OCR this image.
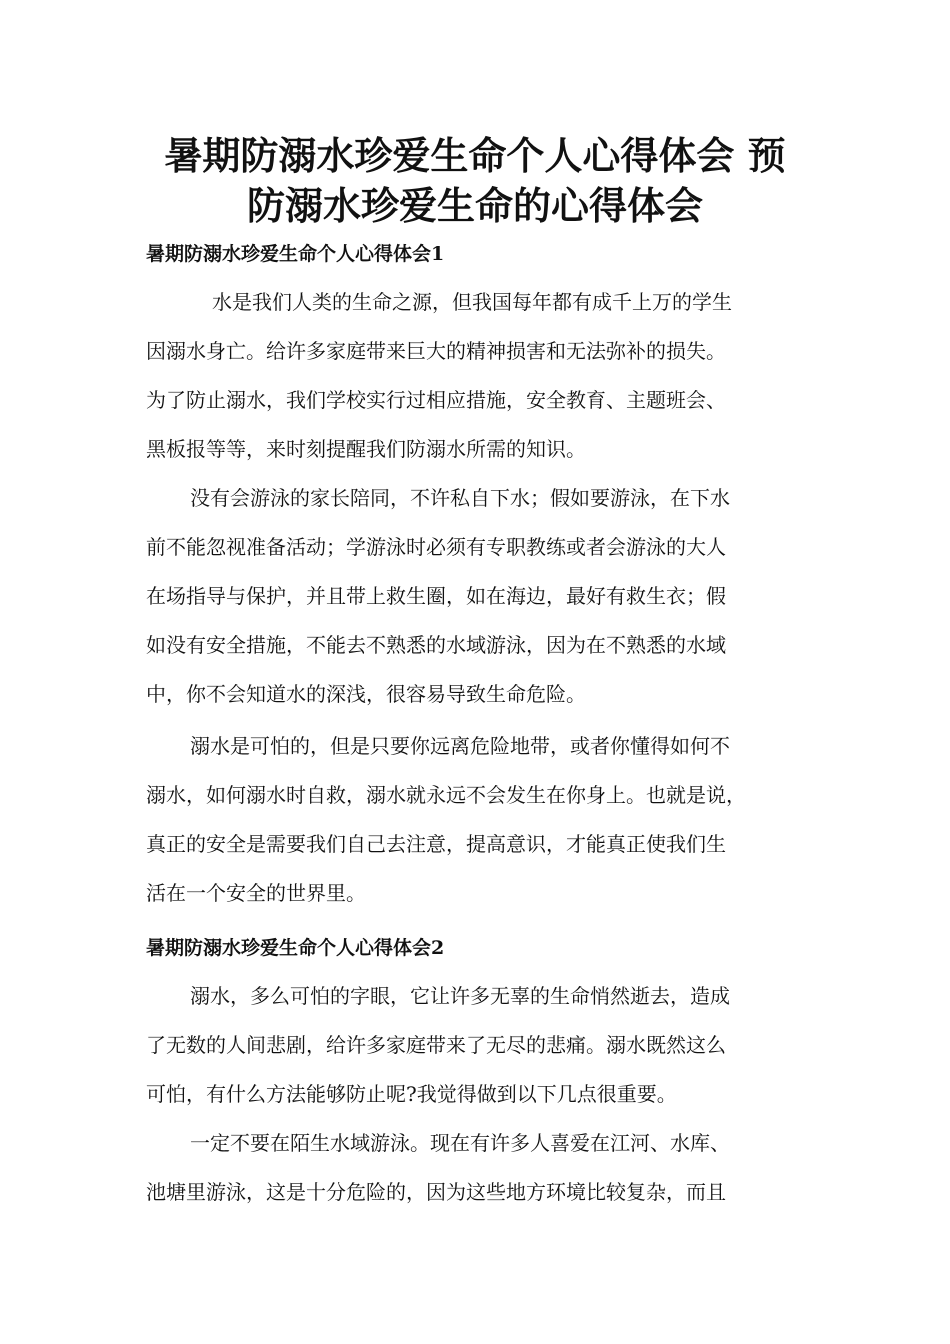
暑期防溺水珍爱生命个人心得体会 预
防溺水珍爱生命的心得体会
暑期防溺水珍爱生命个人心得体会1
水是我们人类的生命之源，但我国每年都有成千上万的学生
因溺水身亡。给许多家庭带来巨大的精神损害和无法弥补的损失。
为了防止溺水，我们学校实行过相应措施，安全教育、主题班会、
黑板报等等，来时刻提醒我们防溺水所需的知识。
没有会游泳的家长陪同，不许私自下水；假如要游泳，在下水
前不能忽视准备活动；学游泳时必须有专职教练或者会游泳的大人
在场指导与保护，并且带上救生圈，如在海边，最好有救生衣；假
如没有安全措施，不能去不熟悉的水域游泳，因为在不熟悉的水域
中，你不会知道水的深浅，很容易导致生命危险。
溺水是可怕的，但是只要你远离危险地带，或者你懂得如何不
溺水，如何溺水时自救，溺水就永远不会发生在你身上。也就是说，
真正的安全是需要我们自己去注意，提高意识，才能真正使我们生
活在一个安全的世界里。
暑期防溺水珍爱生命个人心得体会2
溺水，多么可怕的字眼，它让许多无辜的生命悄然逝去，造成
了无数的人间悲剧，给许多家庭带来了无尽的悲痛。溺水既然这么
可怕，有什么方法能够防止呢?我觉得做到以下几点很重要。
一定不要在陌生水域游泳。现在有许多人喜爱在江河、水库、
池塘里游泳，这是十分危险的，因为这些地方环境比较复杂，而且
